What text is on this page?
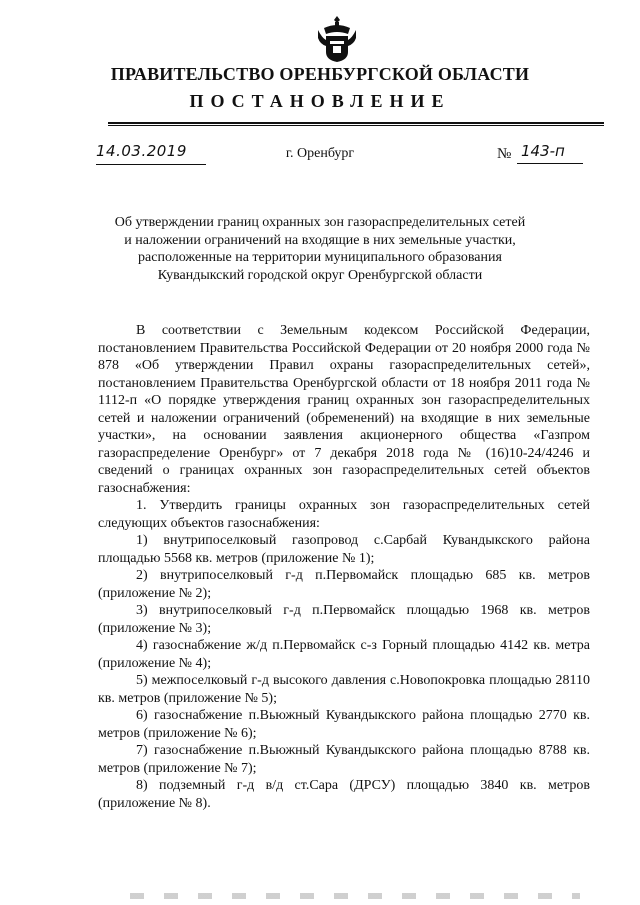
ПРАВИТЕЛЬСТВО ОРЕНБУРГСКОЙ ОБЛАСТИ
ПОСТАНОВЛЕНИЕ
14.03.2019	г. Оренбург	№ 143-п
Об утверждении границ охранных зон газораспределительных сетей
и наложении ограничений на входящие в них земельные участки,
расположенные на территории муниципального образования
Кувандыкский городской округ Оренбургской области

В соответствии с Земельным кодексом Российской Федерации, постановлением Правительства Российской Федерации от 20 ноября 2000 года № 878 «Об утверждении Правил охраны газораспределительных сетей», постановлением Правительства Оренбургской области от 18 ноября 2011 года № 1112-п «О порядке утверждения границ охранных зон газораспределительных сетей и наложении ограничений (обременений) на входящие в них земельные участки», на основании заявления акционерного общества «Газпром газораспределение Оренбург» от 7 декабря 2018 года № (16)10-24/4246 и сведений о границах охранных зон газораспределительных сетей объектов газоснабжения:

1. Утвердить границы охранных зон газораспределительных сетей следующих объектов газоснабжения:

1) внутрипоселковый газопровод с.Сарбай Кувандыкского района площадью 5568 кв. метров (приложение № 1);

2) внутрипоселковый г-д п.Первомайск площадью 685 кв. метров (приложение № 2);

3) внутрипоселковый г-д п.Первомайск площадью 1968 кв. метров (приложение № 3);

4) газоснабжение ж/д п.Первомайск с-з Горный площадью 4142 кв. метра (приложение № 4);

5) межпоселковый г-д высокого давления с.Новопокровка площадью 28110 кв. метров (приложение № 5);

6) газоснабжение п.Вьюжный Кувандыкского района площадью 2770 кв. метров (приложение № 6);

7) газоснабжение п.Вьюжный Кувандыкского района площадью 8788 кв. метров (приложение № 7);

8) подземный г-д в/д ст.Сара (ДРСУ) площадью 3840 кв. метров (приложение № 8).
